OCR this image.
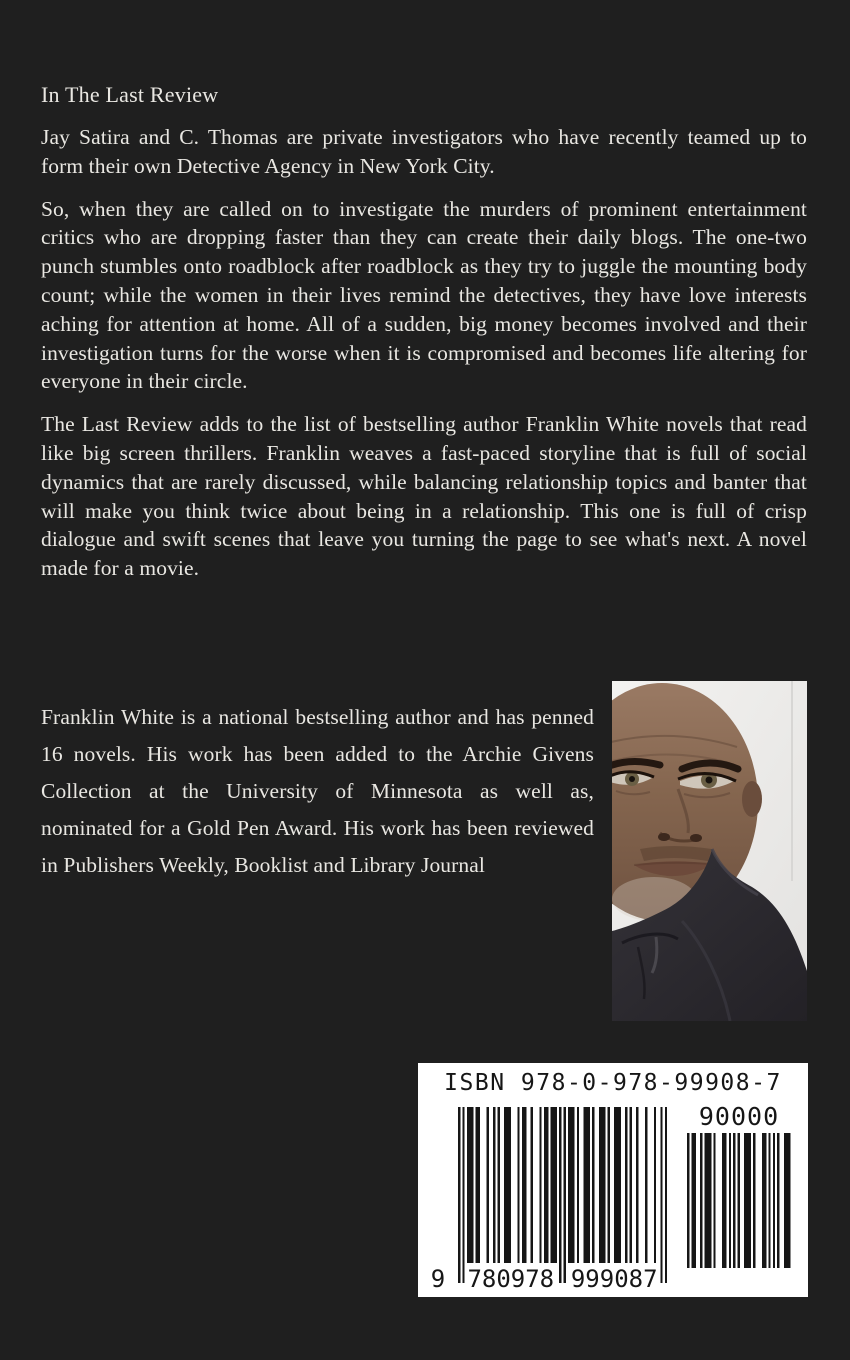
In The Last Review

Jay Satira and C. Thomas are private investigators who have recently teamed up to form their own Detective Agency in New York City.

So, when they are called on to investigate the murders of prominent entertainment critics who are dropping faster than they can create their daily blogs. The one-two punch stumbles onto roadblock after roadblock as they try to juggle the mounting body count; while the women in their lives remind the detectives, they have love interests aching for attention at home. All of a sudden, big money becomes involved and their investigation turns for the worse when it is compromised and becomes life altering for everyone in their circle.

The Last Review adds to the list of bestselling author Franklin White novels that read like big screen thrillers. Franklin weaves a fast-paced storyline that is full of social dynamics that are rarely discussed, while balancing relationship topics and banter that will make you think twice about being in a relationship. This one is full of crisp dialogue and swift scenes that leave you turning the page to see what's next. A novel made for a movie.

Franklin White is a national bestselling author and has penned 16 novels. His work has been added to the Archie Givens Collection at the University of Minnesota as well as, nominated for a Gold Pen Award. His work has been reviewed in Publishers Weekly, Booklist and Library Journal
ISBN 978-0-978-99908-7
9 780978 999087
90000
